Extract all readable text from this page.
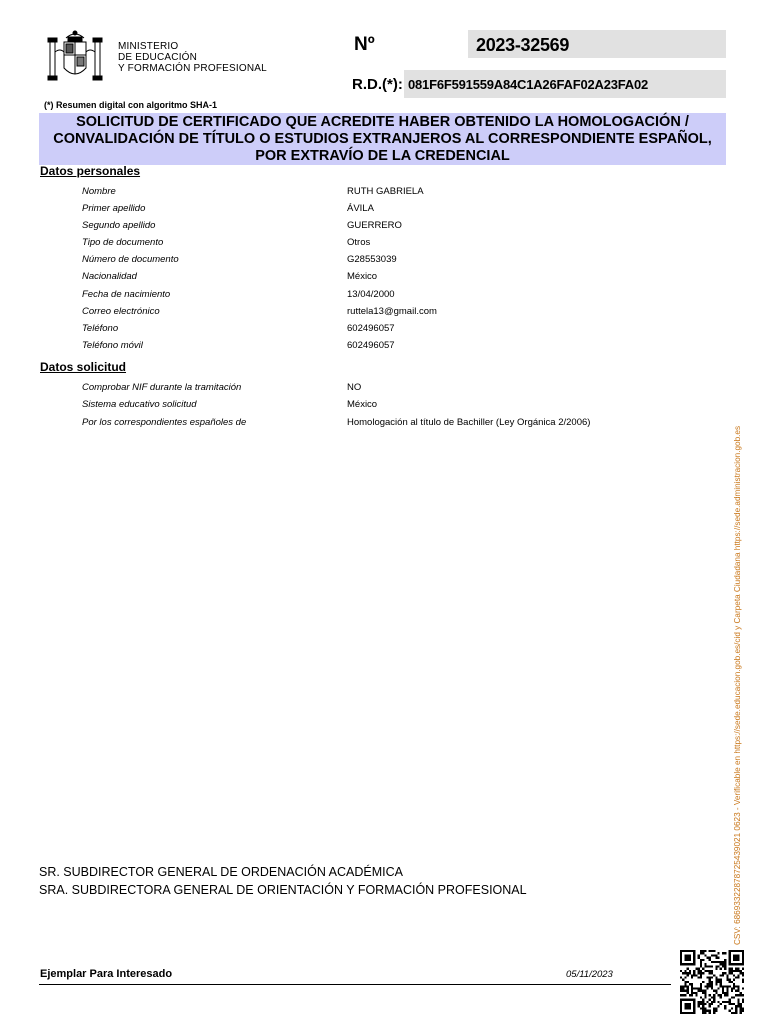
MINISTERIO
DE EDUCACIÓN
Y FORMACIÓN PROFESIONAL
Nº	2023-32569
R.D.(*): 081F6F591559A84C1A26FAF02A23FA02
(*) Resumen digital con algoritmo SHA-1
SOLICITUD DE CERTIFICADO QUE ACREDITE HABER OBTENIDO LA HOMOLOGACIÓN / CONVALIDACIÓN DE TÍTULO O ESTUDIOS EXTRANJEROS AL CORRESPONDIENTE ESPAÑOL, POR EXTRAVÍO DE LA CREDENCIAL
Datos personales
Nombre	RUTH GABRIELA
Primer apellido	ÁVILA
Segundo apellido	GUERRERO
Tipo de documento	Otros
Número de documento	G28553039
Nacionalidad	México
Fecha de nacimiento	13/04/2000
Correo electrónico	ruttela13@gmail.com
Teléfono	602496057
Teléfono móvil	602496057
Datos solicitud
Comprobar NIF durante la tramitación	NO
Sistema educativo solicitud	México
Por los correspondientes españoles de	Homologación al título de Bachiller (Ley Orgánica 2/2006)
SR. SUBDIRECTOR GENERAL DE ORDENACIÓN ACADÉMICA
SRA. SUBDIRECTORA GENERAL DE ORIENTACIÓN Y FORMACIÓN PROFESIONAL
Ejemplar Para Interesado	05/11/2023
CSV: 68693322878725439021 0623 - Verificable en https://sede.educacion.gob.es/cid y Carpeta Ciudadana https://sede.administracion.gob.es
